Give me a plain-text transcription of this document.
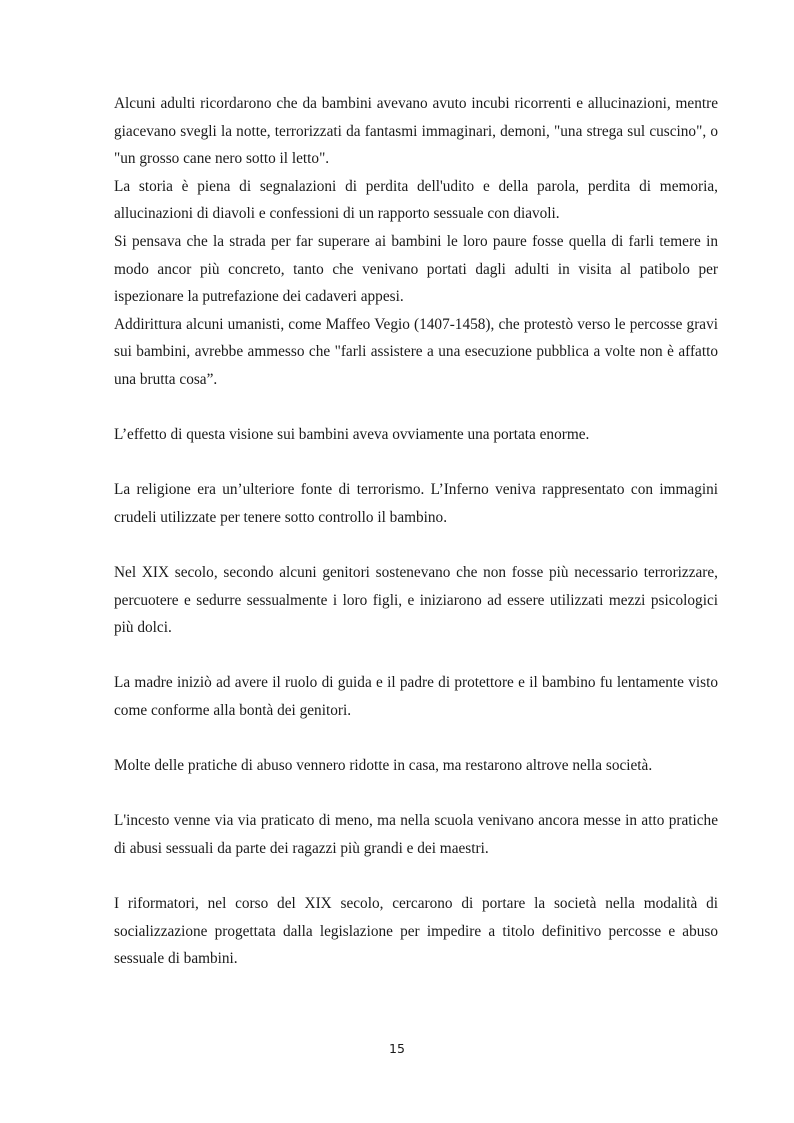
Alcuni adulti ricordarono che da bambini avevano avuto incubi ricorrenti e allucinazioni, mentre giacevano svegli la notte, terrorizzati da fantasmi immaginari, demoni, "una strega sul cuscino", o "un grosso cane nero sotto il letto".

La storia è piena di segnalazioni di perdita dell'udito e della parola, perdita di memoria, allucinazioni di diavoli e confessioni di un rapporto sessuale con diavoli.

Si pensava che la strada per far superare ai bambini le loro paure fosse quella di farli temere in modo ancor più concreto, tanto che venivano portati dagli adulti in visita al patibolo per ispezionare la putrefazione dei cadaveri appesi.

Addirittura alcuni umanisti, come Maffeo Vegio (1407-1458), che protestò verso le percosse gravi sui bambini, avrebbe ammesso che "farli assistere a una esecuzione pubblica a volte non è affatto una brutta cosa”.

L’effetto di questa visione sui bambini aveva ovviamente una portata enorme.

La religione era un’ulteriore fonte di terrorismo. L’Inferno veniva rappresentato con immagini crudeli utilizzate per tenere sotto controllo il bambino.

Nel XIX secolo, secondo alcuni genitori sostenevano che non fosse più necessario terrorizzare, percuotere e sedurre sessualmente i loro figli, e iniziarono ad essere utilizzati mezzi psicologici più dolci.

La madre iniziò ad avere il ruolo di guida e il padre di protettore e il bambino fu lentamente visto come conforme alla bontà dei genitori.

Molte delle pratiche di abuso vennero ridotte in casa, ma restarono altrove nella società.

L'incesto venne via via praticato di meno, ma nella scuola venivano ancora messe in atto pratiche di abusi sessuali da parte dei ragazzi più grandi e dei maestri.

I riformatori, nel corso del XIX secolo, cercarono di portare la società nella modalità di socializzazione progettata dalla legislazione per impedire a titolo definitivo percosse e abuso sessuale di bambini.

15
